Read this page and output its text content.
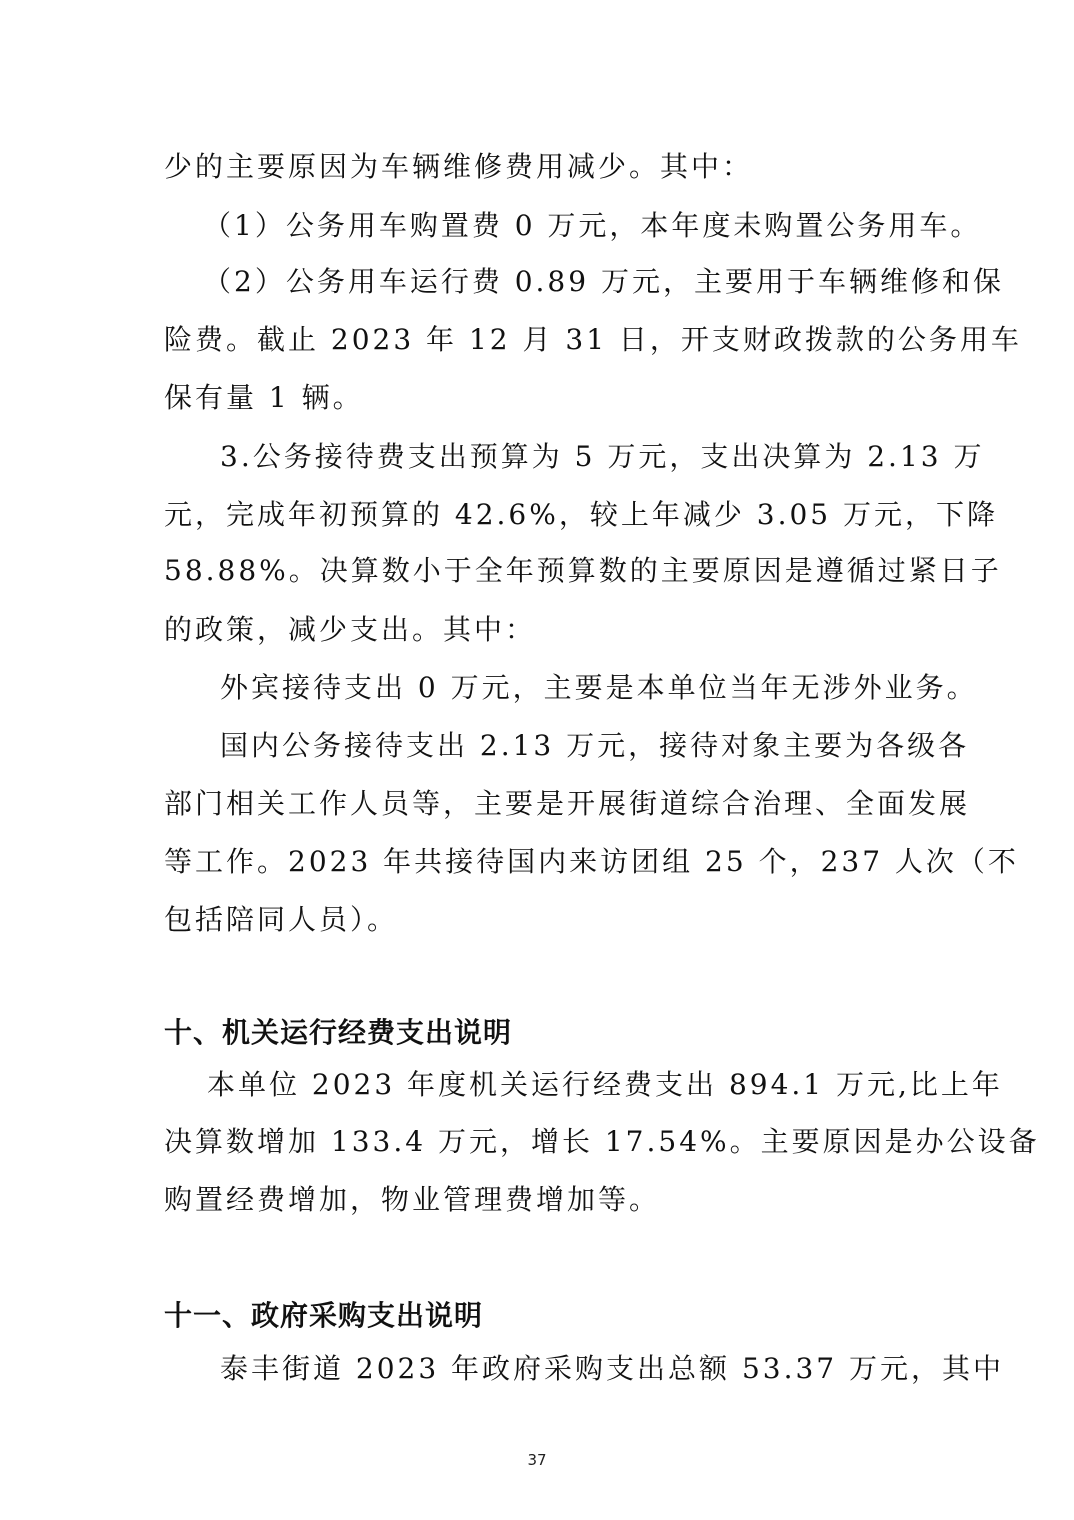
少的主要原因为车辆维修费用减少。其中：
（1）公务用车购置费 0 万元，本年度未购置公务用车。
（2）公务用车运行费 0.89 万元，主要用于车辆维修和保
险费。截止 2023 年 12 月 31 日，开支财政拨款的公务用车
保有量 1 辆。
3.公务接待费支出预算为 5 万元，支出决算为 2.13 万
元，完成年初预算的 42.6%，较上年减少 3.05 万元，下降
58.88%。决算数小于全年预算数的主要原因是遵循过紧日子
的政策，减少支出。其中：
外宾接待支出 0 万元，主要是本单位当年无涉外业务。
国内公务接待支出 2.13 万元，接待对象主要为各级各
部门相关工作人员等，主要是开展街道综合治理、全面发展
等工作。2023 年共接待国内来访团组 25 个，237 人次（不
包括陪同人员）。
十、机关运行经费支出说明
本单位 2023 年度机关运行经费支出 894.1 万元,比上年
决算数增加 133.4 万元，增长 17.54%。主要原因是办公设备
购置经费增加，物业管理费增加等。
十一、政府采购支出说明
泰丰街道 2023 年政府采购支出总额 53.37 万元，其中
37
